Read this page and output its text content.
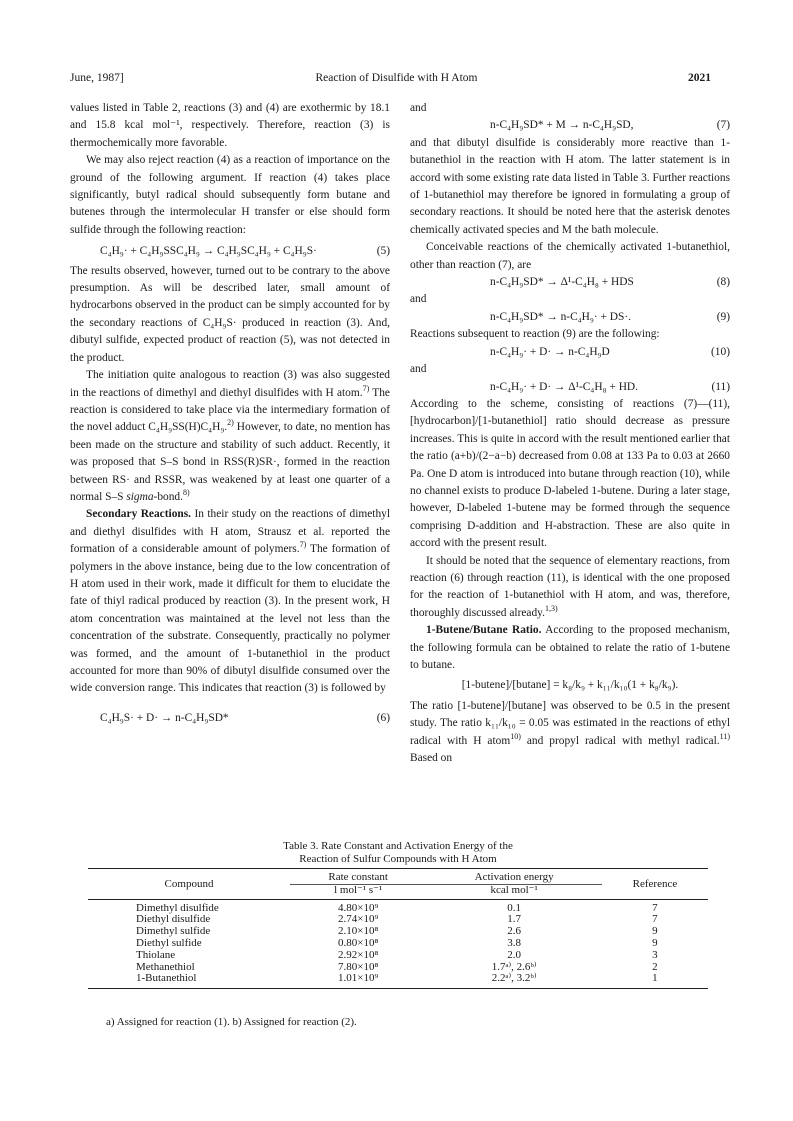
June, 1987]	Reaction of Disulfide with H Atom	2021

values listed in Table 2, reactions (3) and (4) are exothermic by 18.1 and 15.8 kcal mol⁻¹, respectively. Therefore, reaction (3) is thermochemically more favorable.

We may also reject reaction (4) as a reaction of importance on the ground of the following argument. If reaction (4) takes place significantly, butyl radical should subsequently form butane and butenes through the intermolecular H transfer or else should form sulfide through the following reaction:

C₄H₉· + C₄H₉SSC₄H₉ → C₄H₉SC₄H₉ + C₄H₉S·	(5)

The results observed, however, turned out to be contrary to the above presumption. As will be described later, small amount of hydrocarbons observed in the product can be simply accounted for by the secondary reactions of C₄H₉S· produced in reaction (3). And, dibutyl sulfide, expected product of reaction (5), was not detected in the product.

The initiation quite analogous to reaction (3) was also suggested in the reactions of dimethyl and diethyl disulfides with H atom.$^{7)}$ The reaction is considered to take place via the intermediary formation of the novel adduct C₄H₉SS(H)C₄H₉.$^{2)}$ However, to date, no mention has been made on the structure and stability of such adduct. Recently, it was proposed that S–S bond in RSS(R)SR·, formed in the reaction between RS· and RSSR, was weakened by at least one quarter of a normal S–S sigma-bond.$^{8)}$

Secondary Reactions. In their study on the reactions of dimethyl and diethyl disulfides with H atom, Strausz et al. reported the formation of a considerable amount of polymers.$^{7)}$ The formation of polymers in the above instance, being due to the low concentration of H atom used in their work, made it difficult for them to elucidate the fate of thiyl radical produced by reaction (3). In the present work, H atom concentration was maintained at the level not less than the concentration of the substrate. Consequently, practically no polymer was formed, and the amount of 1-butanethiol in the product accounted for more than 90% of dibutyl disulfide consumed over the wide conversion range. This indicates that reaction (3) is followed by

C₄H₉S· + D· → n-C₄H₉SD*	(6)

and

n-C₄H₉SD* + M → n-C₄H₉SD,	(7)

and that dibutyl disulfide is considerably more reactive than 1-butanethiol in the reaction with H atom. The latter statement is in accord with some existing rate data listed in Table 3. Further reactions of 1-butanethiol may therefore be ignored in formulating a group of secondary reactions. It should be noted here that the asterisk denotes chemically activated species and M the bath molecule.

Conceivable reactions of the chemically activated 1-butanethiol, other than reaction (7), are

n-C₄H₉SD* → Δ¹-C₄H₈ + HDS	(8)

and

n-C₄H₉SD* → n-C₄H₉· + DS·.	(9)

Reactions subsequent to reaction (9) are the following:

n-C₄H₉· + D· → n-C₄H₉D	(10)

and

n-C₄H₉· + D· → Δ¹-C₄H₈ + HD.	(11)

According to the scheme, consisting of reactions (7)—(11), [hydrocarbon]/[1-butanethiol] ratio should decrease as pressure increases. This is quite in accord with the result mentioned earlier that the ratio (a+b)/(2−a−b) decreased from 0.08 at 133 Pa to 0.03 at 2660 Pa. One D atom is introduced into butane through reaction (10), while no channel exists to produce D-labeled 1-butene. During a later stage, however, D-labeled 1-butene may be formed through the sequence comprising D-addition and H-abstraction. These are also quite in accord with the present result.

It should be noted that the sequence of elementary reactions, from reaction (6) through reaction (11), is identical with the one proposed for the reaction of 1-butanethiol with H atom, and was, therefore, thoroughly discussed already.$^{1,3)}$

1-Butene/Butane Ratio. According to the proposed mechanism, the following formula can be obtained to relate the ratio of 1-butene to butane.

[1-butene]/[butane] = k₈/k₉ + k₁₁/k₁₀(1 + k₈/k₉).

The ratio [1-butene]/[butane] was observed to be 0.5 in the present study. The ratio k₁₁/k₁₀ = 0.05 was estimated in the reactions of ethyl radical with H atom$^{10)}$ and propyl radical with methyl radical.$^{11)}$ Based on

Table 3. Rate Constant and Activation Energy of the
Reaction of Sulfur Compounds with H Atom
Compound	Rate constant	Activation energy	Reference
	l mol⁻¹ s⁻¹	kcal mol⁻¹	
Dimethyl disulfide	4.80×10⁹	0.1	7
Diethyl disulfide	2.74×10⁹	1.7	7
Dimethyl sulfide	2.10×10⁸	2.6	9
Diethyl sulfide	0.80×10⁸	3.8	9
Thiolane	2.92×10⁸	2.0	3
Methanethiol	7.80×10⁸	1.7ᵃ⁾, 2.6ᵇ⁾	2
1-Butanethiol	1.01×10⁹	2.2ᵃ⁾, 3.2ᵇ⁾	1
a) Assigned for reaction (1). b) Assigned for reaction (2).
